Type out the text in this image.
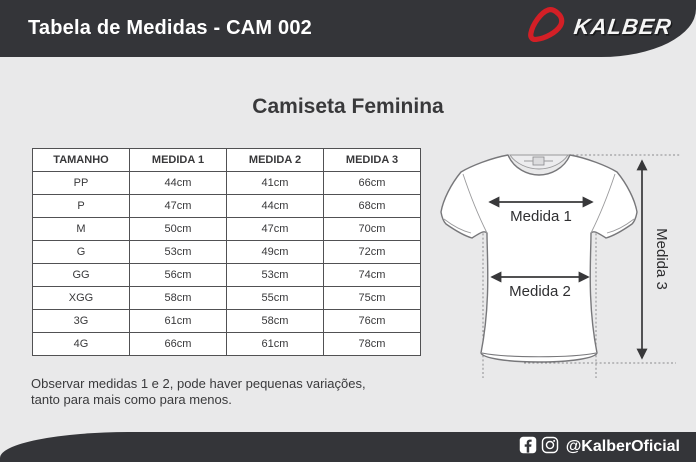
Tabela de Medidas - CAM 002	KALBER
Camiseta Feminina
TAMANHO	MEDIDA 1	MEDIDA 2	MEDIDA 3
PP	44cm	41cm	66cm
P	47cm	44cm	68cm
M	50cm	47cm	70cm
G	53cm	49cm	72cm
GG	56cm	53cm	74cm
XGG	58cm	55cm	75cm
3G	61cm	58cm	76cm
4G	66cm	61cm	78cm
Observar medidas 1 e 2, pode haver pequenas variações,
tanto para mais como para menos.
Medida 1
Medida 2
Medida 3
@KalberOficial
